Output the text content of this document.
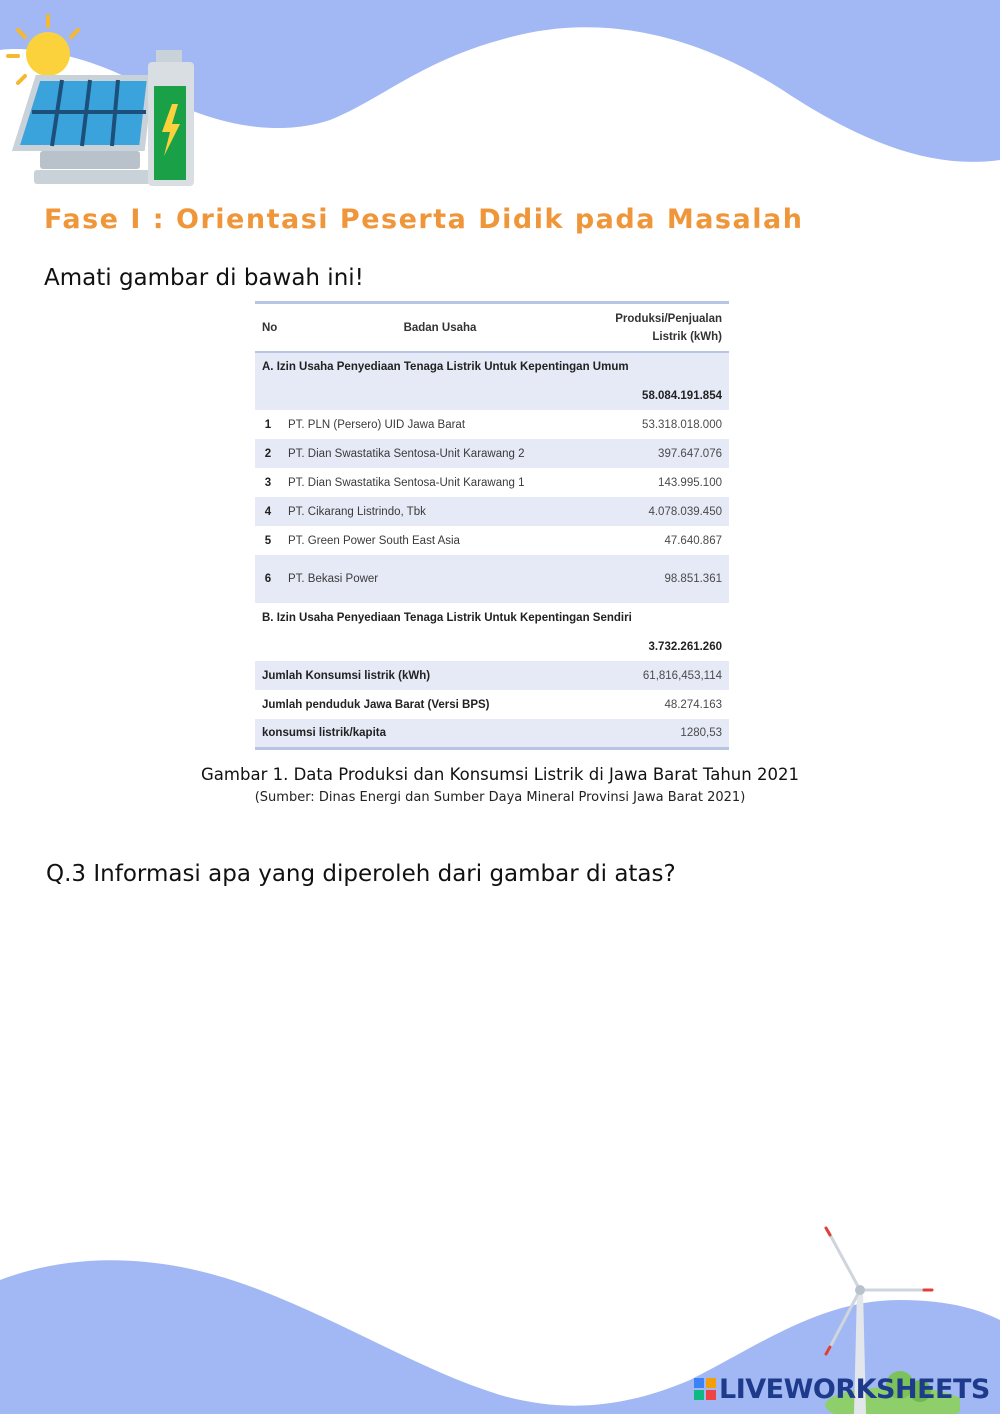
Fase I : Orientasi Peserta Didik pada Masalah

Amati gambar di bawah ini!

No	Badan Usaha	Produksi/Penjualan Listrik (kWh)
A. Izin Usaha Penyediaan Tenaga Listrik Untuk Kepentingan Umum		
		58.084.191.854
1	PT. PLN (Persero) UID Jawa Barat	53.318.018.000
2	PT. Dian Swastatika Sentosa-Unit Karawang 2	397.647.076
3	PT. Dian Swastatika Sentosa-Unit Karawang 1	143.995.100
4	PT. Cikarang Listrindo, Tbk	4.078.039.450
5	PT. Green Power South East Asia	47.640.867
6	PT. Bekasi Power	98.851.361
B. Izin Usaha Penyediaan Tenaga Listrik Untuk Kepentingan Sendiri		
		3.732.261.260
Jumlah Konsumsi listrik (kWh)		61,816,453,114
Jumlah penduduk Jawa Barat (Versi BPS)		48.274.163
konsumsi listrik/kapita		1280,53

Gambar 1. Data Produksi dan Konsumsi Listrik di Jawa Barat Tahun 2021

(Sumber: Dinas Energi dan Sumber Daya Mineral Provinsi Jawa Barat 2021)

Q.3 Informasi apa yang diperoleh dari gambar di atas?

LIVEWORKSHEETS
